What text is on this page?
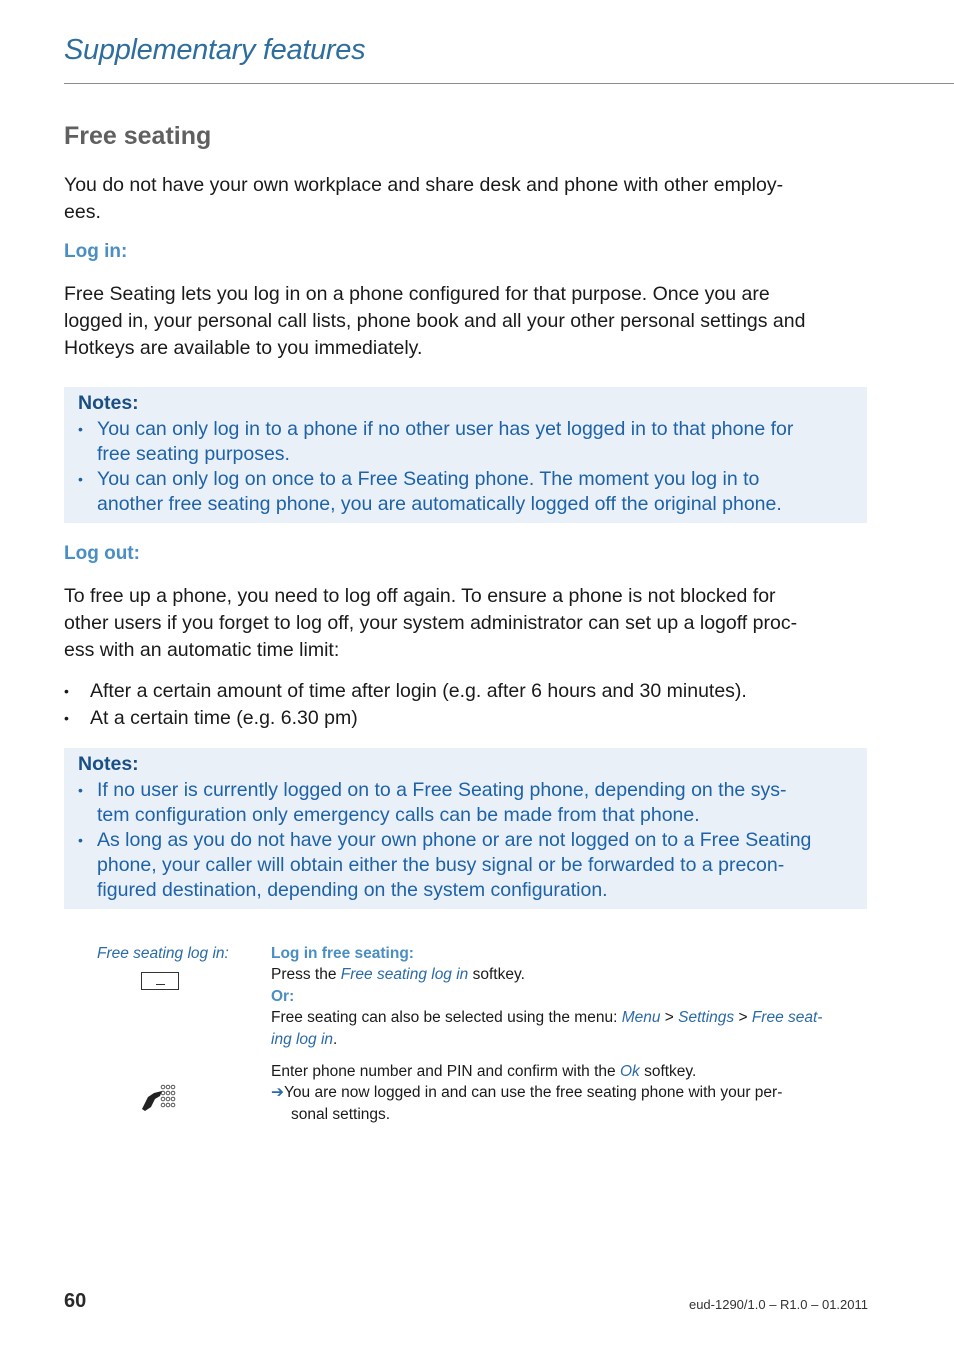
Supplementary features
Free seating
You do not have your own workplace and share desk and phone with other employ-
ees.
Log in:
Free Seating lets you log in on a phone configured for that purpose. Once you are
logged in, your personal call lists, phone book and all your other personal settings and
Hotkeys are available to you immediately.
Notes:
• You can only log in to a phone if no other user has yet logged in to that phone for
free seating purposes.
• You can only log on once to a Free Seating phone. The moment you log in to
another free seating phone, you are automatically logged off the original phone.
Log out:
To free up a phone, you need to log off again. To ensure a phone is not blocked for
other users if you forget to log off, your system administrator can set up a logoff proc-
ess with an automatic time limit:
• After a certain amount of time after login (e.g. after 6 hours and 30 minutes).
• At a certain time (e.g. 6.30 pm)
Notes:
• If no user is currently logged on to a Free Seating phone, depending on the sys-
tem configuration only emergency calls can be made from that phone.
• As long as you do not have your own phone or are not logged on to a Free Seating
phone, your caller will obtain either the busy signal or be forwarded to a precon-
figured destination, depending on the system configuration.
Free seating log in:	Log in free seating:
Press the Free seating log in softkey.
Or:
Free seating can also be selected using the menu: Menu > Settings > Free seat-
ing log in.
Enter phone number and PIN and confirm with the Ok softkey.
➔You are now logged in and can use the free seating phone with your per-
sonal settings.
60	eud-1290/1.0 – R1.0 – 01.2011
